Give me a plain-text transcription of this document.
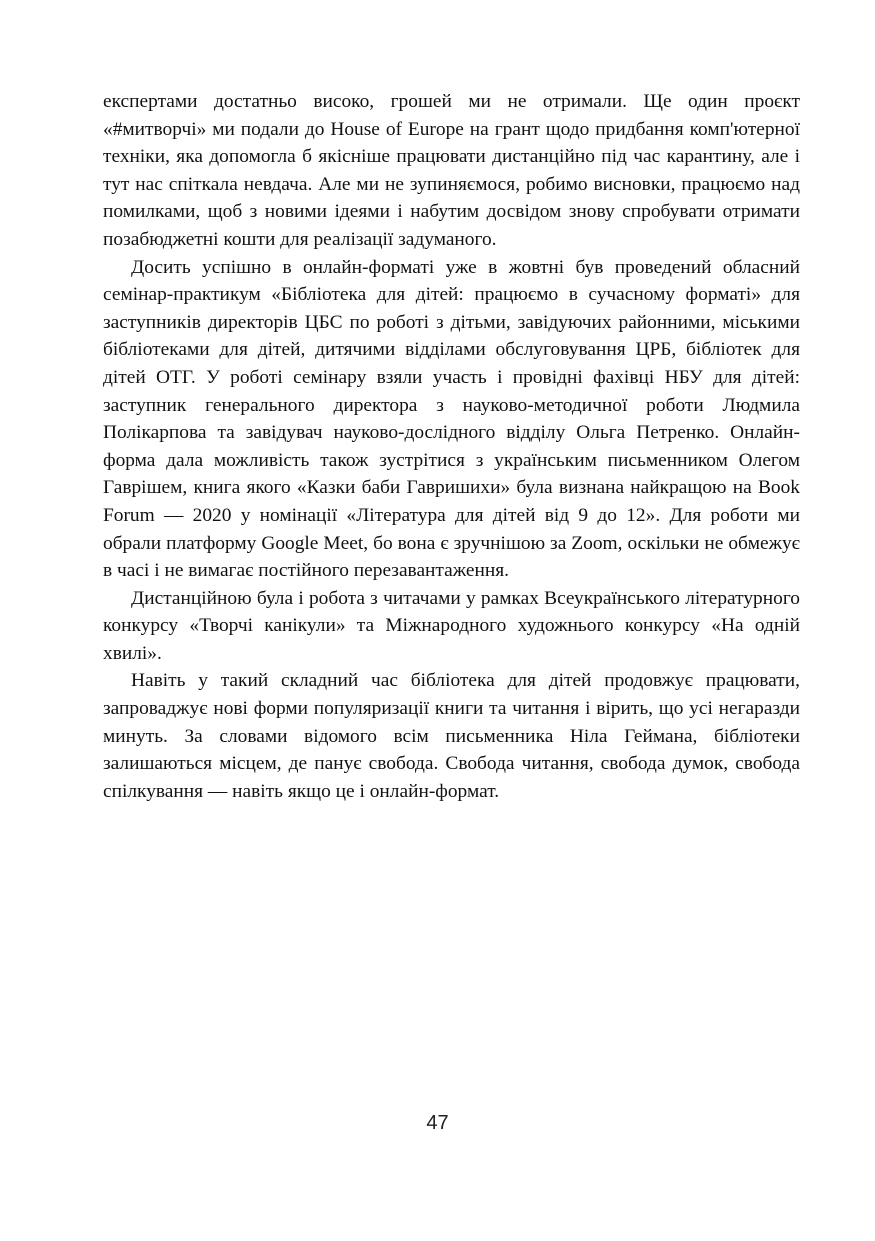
експертами достатньо високо, грошей ми не отримали. Ще один проєкт «#митворчі» ми подали до House of Europe на грант щодо придбання комп'ютерної техніки, яка допомогла б якісніше працювати дистанційно під час карантину, але і тут нас спіткала невдача. Але ми не зупиняємося, робимо висновки, працюємо над помилками, щоб з новими ідеями і набутим досвідом знову спробувати отримати позабюджетні кошти для реалізації задуманого.

Досить успішно в онлайн-форматі уже в жовтні був проведений обласний семінар-практикум «Бібліотека для дітей: працюємо в сучасному форматі» для заступників директорів ЦБС по роботі з дітьми, завідуючих районними, міськими бібліотеками для дітей, дитячими відділами обслуговування ЦРБ, бібліотек для дітей ОТГ. У роботі семінару взяли участь і провідні фахівці НБУ для дітей: заступник генерального директора з науково-методичної роботи Людмила Полікарпова та завідувач науково-дослідного відділу Ольга Петренко. Онлайн-форма дала можливість також зустрітися з українським письменником Олегом Гаврішем, книга якого «Казки баби Гавришихи» була визнана найкращою на Book Forum — 2020 у номінації «Література для дітей від 9 до 12». Для роботи ми обрали платформу Google Meet, бо вона є зручнішою за Zoom, оскільки не обмежує в часі і не вимагає постійного перезавантаження.

Дистанційною була і робота з читачами у рамках Всеукраїнського літературного конкурсу «Творчі канікули» та Міжнародного художнього конкурсу «На одній хвилі».

Навіть у такий складний час бібліотека для дітей продовжує працювати, запроваджує нові форми популяризації книги та читання і вірить, що усі негаразди минуть. За словами відомого всім письменника Ніла Геймана, бібліотеки залишаються місцем, де панує свобода. Свобода читання, свобода думок, свобода спілкування — навіть якщо це і онлайн-формат.

47
